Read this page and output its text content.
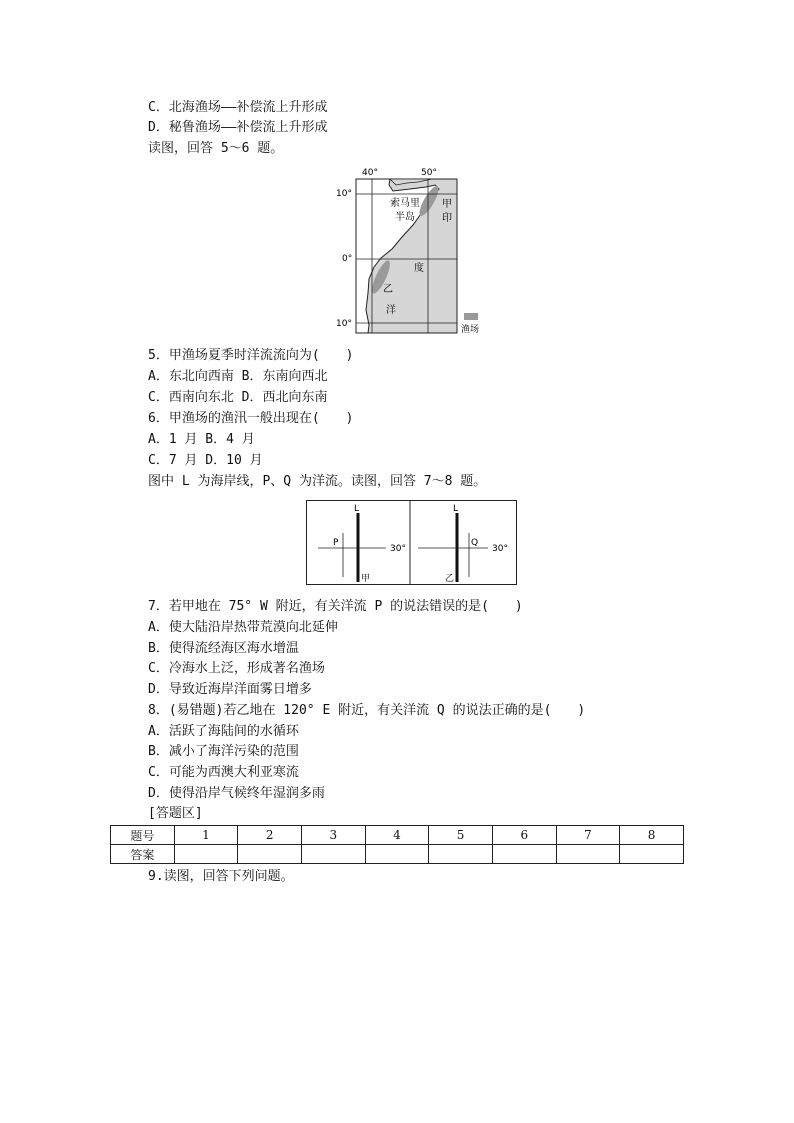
C．北海渔场——补偿流上升形成
D．秘鲁渔场——补偿流上升形成
读图，回答 5～6 题。
40°	50°
10°
0°
10°
索马里
半岛
甲
印
度
乙
洋
渔场
5．甲渔场夏季时洋流流向为(　　)
A．东北向西南 B．东南向西北
C．西南向东北 D．西北向东南
6．甲渔场的渔汛一般出现在(　　)
A．1 月 B．4 月
C．7 月 D．10 月
图中 L 为海岸线，P、Q 为洋流。读图，回答 7～8 题。
L
P
30°
甲
L
Q
30°
乙
7．若甲地在 75° W 附近，有关洋流 P 的说法错误的是(　　)
A．使大陆沿岸热带荒漠向北延伸
B．使得流经海区海水增温
C．冷海水上泛，形成著名渔场
D．导致近海岸洋面雾日增多
8．(易错题)若乙地在 120° E 附近，有关洋流 Q 的说法正确的是(　　)
A．活跃了海陆间的水循环
B．减小了海洋污染的范围
C．可能为西澳大利亚寒流
D．使得沿岸气候终年湿润多雨
[答题区]
题号	1	2	3	4	5	6	7	8
答案								
9.读图，回答下列问题。
